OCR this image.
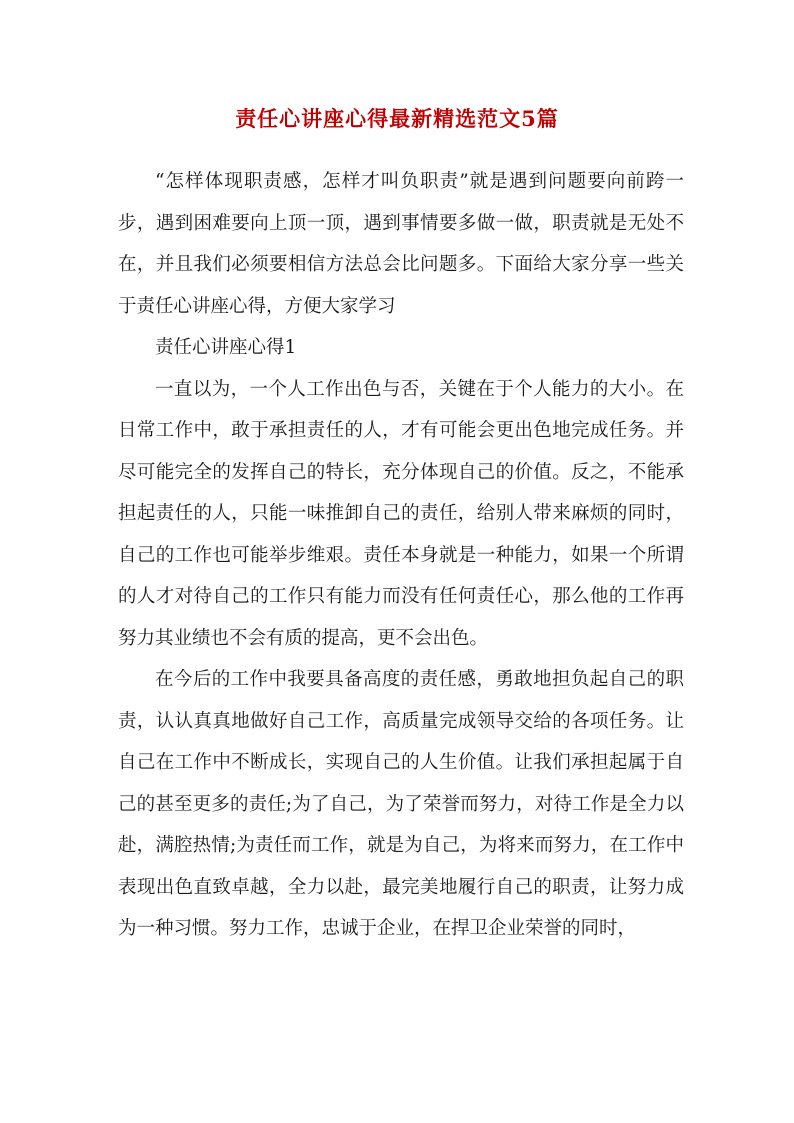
责任心讲座心得最新精选范文5篇

“怎样体现职责感，怎样才叫负职责”就是遇到问题要向前跨一步，遇到困难要向上顶一顶，遇到事情要多做一做，职责就是无处不在，并且我们必须要相信方法总会比问题多。下面给大家分享一些关于责任心讲座心得，方便大家学习

责任心讲座心得1

一直以为，一个人工作出色与否，关键在于个人能力的大小。在日常工作中，敢于承担责任的人，才有可能会更出色地完成任务。并尽可能完全的发挥自己的特长，充分体现自己的价值。反之，不能承担起责任的人，只能一味推卸自己的责任，给别人带来麻烦的同时，自己的工作也可能举步维艰。责任本身就是一种能力，如果一个所谓的人才对待自己的工作只有能力而没有任何责任心，那么他的工作再努力其业绩也不会有质的提高，更不会出色。

在今后的工作中我要具备高度的责任感，勇敢地担负起自己的职责，认认真真地做好自己工作，高质量完成领导交给的各项任务。让自己在工作中不断成长，实现自己的人生价值。让我们承担起属于自己的甚至更多的责任;为了自己，为了荣誉而努力，对待工作是全力以赴，满腔热情;为责任而工作，就是为自己，为将来而努力，在工作中表现出色直致卓越，全力以赴，最完美地履行自己的职责，让努力成为一种习惯。努力工作，忠诚于企业，在捍卫企业荣誉的同时，
